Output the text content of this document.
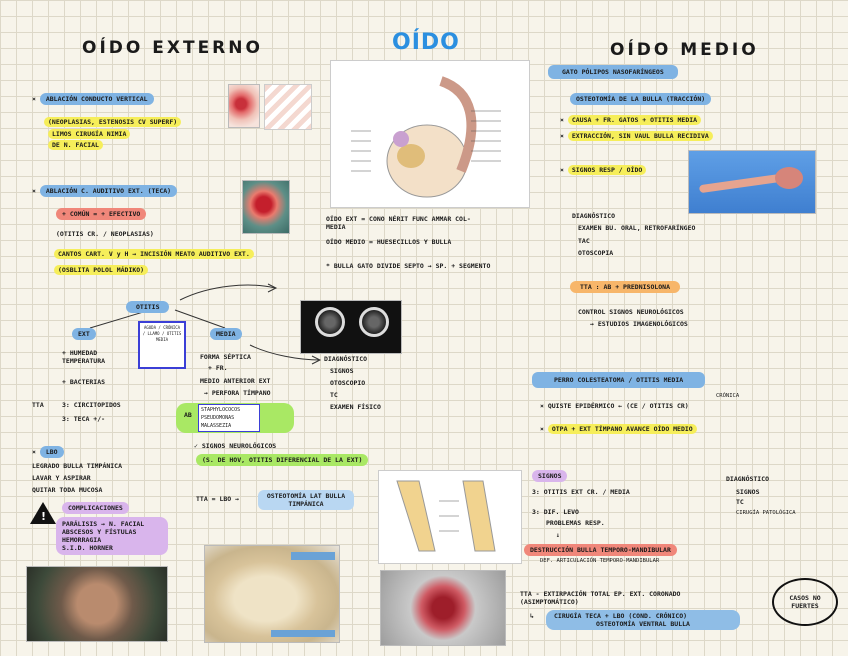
OÍDO EXTERNO	OÍDO	OÍDO MEDIO
× ABLACIÓN CONDUCTO VERTICAL
(NEOPLASIAS, ESTENOSIS CV SUPERF)
LIMOS CIRUGÍA NIMIA
DE N. FACIAL
× ABLACIÓN C. AUDITIVO EXT. (TECA)
+ COMÚN = + EFECTIVO
(OTITIS CR. / NEOPLASIAS)
CANTOS CART. V y H → INCISIÓN MEATO AUDITIVO EXT.
(OSBLITA POLOL MÁDIKO)
OTITIS
EXT	MEDIA
AGUDA / CRÓNICA / LLAMO / OTITIS MEDIA
+ HUMEDAD TEMPERATURA
+ BACTERIAS
TTA	3: CIRCITOPIDOS
3: TECA +/-
FORMA SÉPTICA
+ FR.
MEDIO ANTERIOR EXT
→ PERFORA TÍMPANO
AB
STAPHYLOCOCOS
PSEUDOMONAS
MALASSEZIA
✓ SIGNOS NEUROLÓGICOS
(S. DE HOV, OTITIS DIFERENCIAL DE LA EXT)
DIAGNÓSTICO
SIGNOS
OTOSCOPIO
TC
EXAMEN FÍSICO
TTA = LBO →	OSTEOTOMÍA LAT BULLA TIMPÁNICA
× LBO
LEGRADO BULLA TIMPÁNICA
LAVAR Y ASPIRAR
QUITAR TODA MUCOSA
!
COMPLICACIONES
PARÁLISIS → N. FACIAL
ABSCESOS Y FÍSTULAS
HEMORRAGIA
S.I.D. HORNER
OÍDO EXT = CONO NÉRIT FUNC AMMAR COL-MEDIA
OÍDO MEDIO = HUESECILLOS Y BULLA
* BULLA GATO DIVIDE SEPTO → SP. + SEGMENTO
GATO PÓLIPOS NASOFARÍNGEOS
OSTEOTOMÍA DE LA BULLA (TRACCIÓN)
× CAUSA + FR. GATOS + OTITIS MEDIA
× EXTRACCIÓN, SIN VAUL BULLA RECIDIVA
× SIGNOS RESP / OÍDO
DIAGNÓSTICO
EXAMEN BU. ORAL, RETROFARÍNGEO
TAC
OTOSCOPIA
TTA : AB + PREDNISOLONA
CONTROL SIGNOS NEUROLÓGICOS
→ ESTUDIOS IMAGENOLÓGICOS
PERRO COLESTEATOMA / OTITIS MEDIA
CRÓNICA
× QUISTE EPIDÉRMICO ← (CE / OTITIS CR)
× OTPA + EXT TÍMPANO AVANCE OÍDO MEDIO
SIGNOS
3: OTITIS EXT CR. / MEDIA
3: DIF. LEVO
PROBLEMAS RESP.
↓
DESTRUCCIÓN BULLA TEMPORO-MANDIBULAR
DEF. ARTICULACIÓN TEMPORO-MANDIBULAR
DIAGNÓSTICO
SIGNOS
TC
CIRUGÍA PATOLÓGICA
TTA - EXTIRPACIÓN TOTAL EP. EXT. CORONADO (ASIMPTOMÁTICO)
↳	CIRUGÍA TECA + LBO (COND. CRÓNICO)
OSTEOTOMÍA VENTRAL BULLA
CASOS NO FUERTES
